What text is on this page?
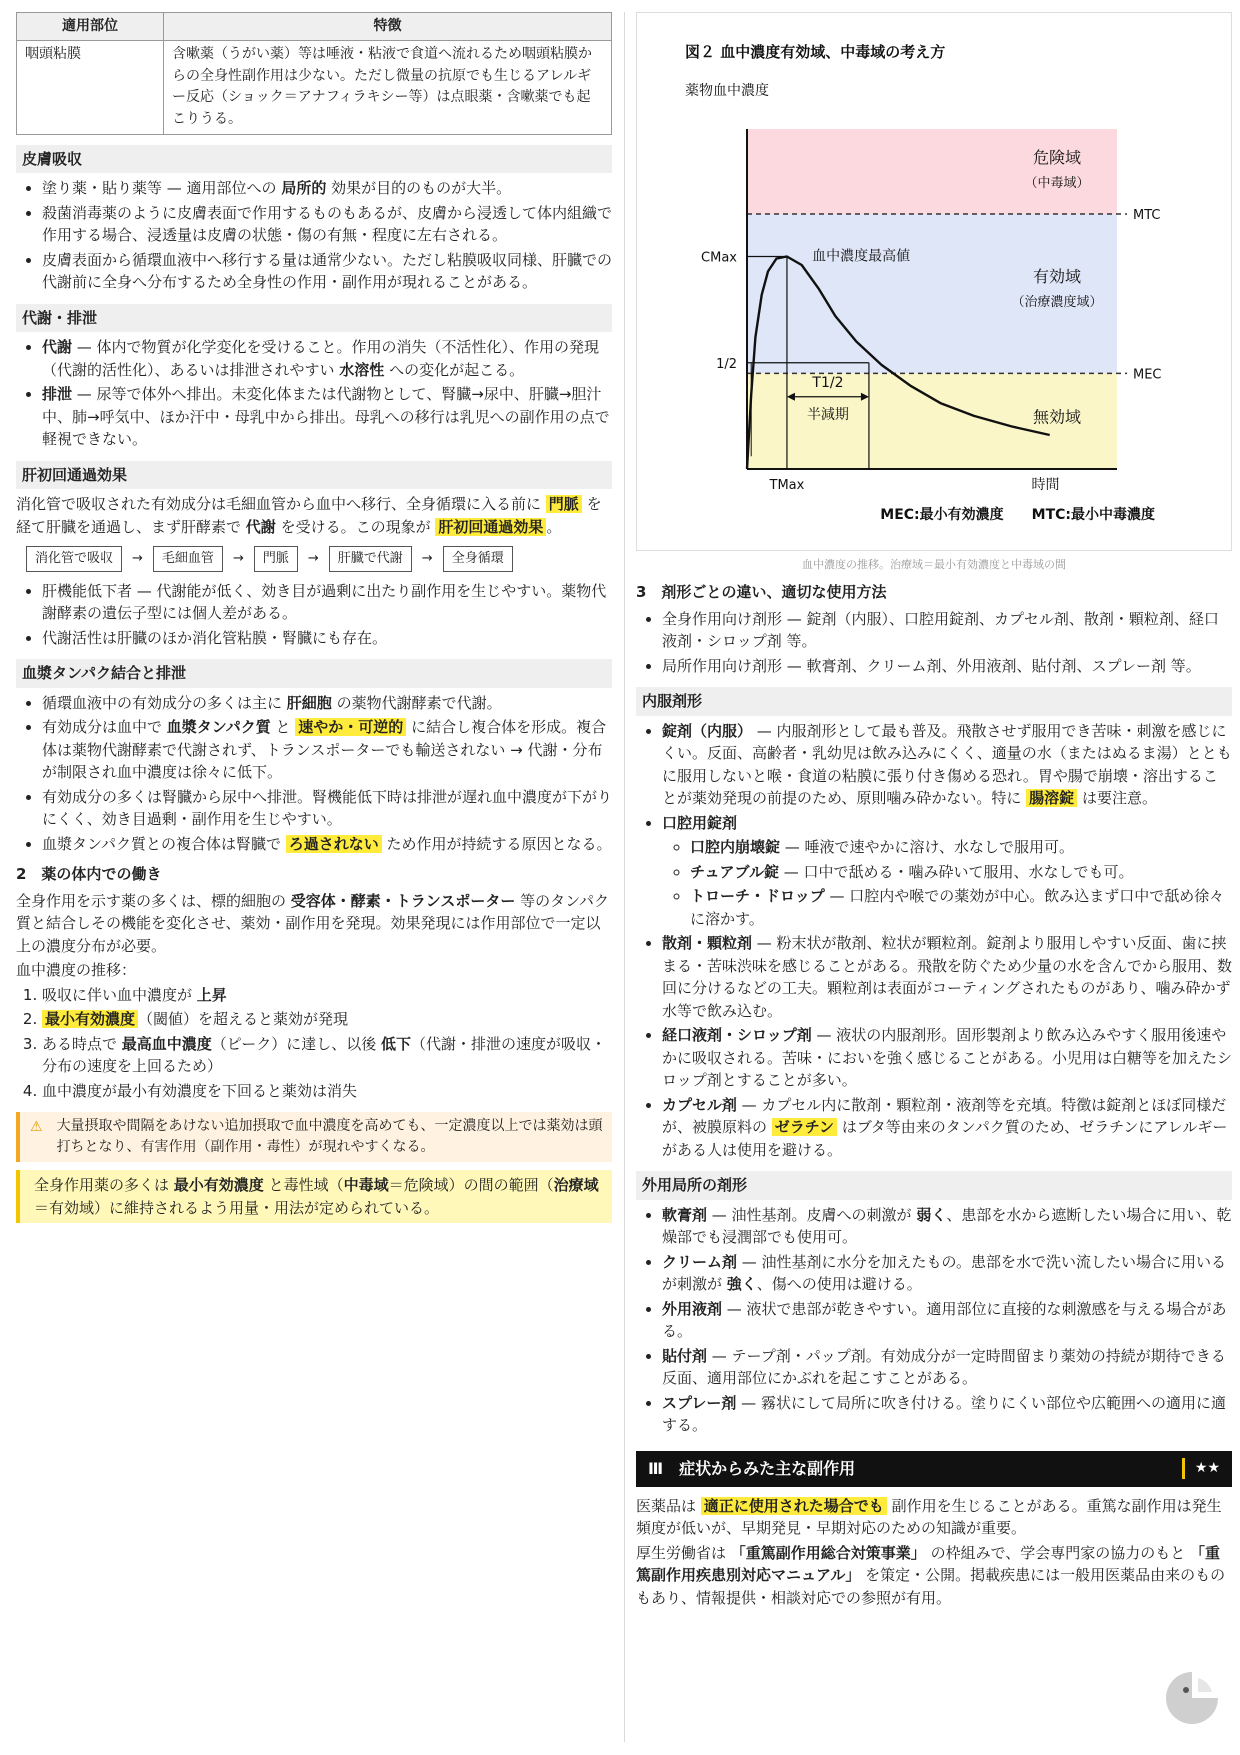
適用部位	特徴
咽頭粘膜	含嗽薬（うがい薬）等は唾液・粘液で食道へ流れるため咽頭粘膜からの全身性副作用は少ない。ただし微量の抗原でも生じるアレルギー反応（ショック＝アナフィラキシー等）は点眼薬・含嗽薬でも起こりうる。
皮膚吸収
• 塗り薬・貼り薬等 — 適用部位への 局所的 効果が目的のものが大半。
• 殺菌消毒薬のように皮膚表面で作用するものもあるが、皮膚から浸透して体内組織で作用する場合、浸透量は皮膚の状態・傷の有無・程度に左右される。
• 皮膚表面から循環血液中へ移行する量は通常少ない。ただし粘膜吸収同様、肝臓での代謝前に全身へ分布するため全身性の作用・副作用が現れることがある。
代謝・排泄
• 代謝 — 体内で物質が化学変化を受けること。作用の消失（不活性化）、作用の発現（代謝的活性化）、あるいは排泄されやすい 水溶性 への変化が起こる。
• 排泄 — 尿等で体外へ排出。未変化体または代謝物として、腎臓→尿中、肝臓→胆汁中、肺→呼気中、ほか汗中・母乳中から排出。母乳への移行は乳児への副作用の点で軽視できない。
肝初回通過効果

消化管で吸収された有効成分は毛細血管から血中へ移行、全身循環に入る前に 門脈 を経て肝臓を通過し、まず肝酵素で 代謝 を受ける。この現象が 肝初回通過効果 。

消化管で吸収	→	毛細血管	→	門脈	→	肝臓で代謝	→	全身循環
• 肝機能低下者 — 代謝能が低く、効き目が過剰に出たり副作用を生じやすい。薬物代謝酵素の遺伝子型には個人差がある。
• 代謝活性は肝臓のほか消化管粘膜・腎臓にも存在。
血漿タンパク結合と排泄
• 循環血液中の有効成分の多くは主に 肝細胞 の薬物代謝酵素で代謝。
• 有効成分は血中で 血漿タンパク質 と 速やか・可逆的 に結合し複合体を形成。複合体は薬物代謝酵素で代謝されず、トランスポーターでも輸送されない → 代謝・分布が制限され血中濃度は徐々に低下。
• 有効成分の多くは腎臓から尿中へ排泄。腎機能低下時は排泄が遅れ血中濃度が下がりにくく、効き目過剰・副作用を生じやすい。
• 血漿タンパク質との複合体は腎臓で ろ過されない ため作用が持続する原因となる。
2　薬の体内での働き

全身作用を示す薬の多くは、標的細胞の 受容体・酵素・トランスポーター 等のタンパク質と結合しその機能を変化させ、薬効・副作用を発現。効果発現には作用部位で一定以上の濃度分布が必要。

血中濃度の推移：

1. 吸収に伴い血中濃度が 上昇
2. 最小有効濃度 （閾値）を超えると薬効が発現
3. ある時点で 最高血中濃度（ピーク）に達し、以後 低下（代謝・排泄の速度が吸収・分布の速度を上回るため）
4. 血中濃度が最小有効濃度を下回ると薬効は消失
⚠ 大量摂取や間隔をあけない追加摂取で血中濃度を高めても、一定濃度以上では薬効は頭打ちとなり、有害作用（副作用・毒性）が現れやすくなる。
全身作用薬の多くは 最小有効濃度 と毒性域（中毒域＝危険域）の間の範囲（治療域＝有効域）に維持されるよう用量・用法が定められている。
図２ 血中濃度有効域、中毒域の考え方
薬物血中濃度
MTC
MEC
危険域
（中毒域）
有効域
（治療濃度域）
無効域
T1/2
半減期
CMax
1/2
TMax	時間
血中濃度最高値
MEC:最小有効濃度　　MTC:最小中毒濃度
血中濃度の推移。治療域＝最小有効濃度と中毒域の間
3　剤形ごとの違い、適切な使用方法
• 全身作用向け剤形 — 錠剤（内服）、口腔用錠剤、カプセル剤、散剤・顆粒剤、経口液剤・シロップ剤 等。
• 局所作用向け剤形 — 軟膏剤、クリーム剤、外用液剤、貼付剤、スプレー剤 等。
内服剤形
• 錠剤（内服） — 内服剤形として最も普及。飛散させず服用でき苦味・刺激を感じにくい。反面、高齢者・乳幼児は飲み込みにくく、適量の水（またはぬるま湯）とともに服用しないと喉・食道の粘膜に張り付き傷める恐れ。胃や腸で崩壊・溶出することが薬効発現の前提のため、原則噛み砕かない。特に 腸溶錠 は要注意。
• 口腔用錠剤
◦ 口腔内崩壊錠 — 唾液で速やかに溶け、水なしで服用可。
◦ チュアブル錠 — 口中で舐める・噛み砕いて服用、水なしでも可。
◦ トローチ・ドロップ — 口腔内や喉での薬効が中心。飲み込まず口中で舐め徐々に溶かす。
• 散剤・顆粒剤 — 粉末状が散剤、粒状が顆粒剤。錠剤より服用しやすい反面、歯に挟まる・苦味渋味を感じることがある。飛散を防ぐため少量の水を含んでから服用、数回に分けるなどの工夫。顆粒剤は表面がコーティングされたものがあり、噛み砕かず水等で飲み込む。
• 経口液剤・シロップ剤 — 液状の内服剤形。固形製剤より飲み込みやすく服用後速やかに吸収される。苦味・においを強く感じることがある。小児用は白糖等を加えたシロップ剤とすることが多い。
• カプセル剤 — カプセル内に散剤・顆粒剤・液剤等を充填。特徴は錠剤とほぼ同様だが、被膜原料の ゼラチン はブタ等由来のタンパク質のため、ゼラチンにアレルギーがある人は使用を避ける。
外用局所の剤形
• 軟膏剤 — 油性基剤。皮膚への刺激が 弱く、患部を水から遮断したい場合に用い、乾燥部でも浸潤部でも使用可。
• クリーム剤 — 油性基剤に水分を加えたもの。患部を水で洗い流したい場合に用いるが刺激が 強く、傷への使用は避ける。
• 外用液剤 — 液状で患部が乾きやすい。適用部位に直接的な刺激感を与える場合がある。
• 貼付剤 — テープ剤・パップ剤。有効成分が一定時間留まり薬効の持続が期待できる反面、適用部位にかぶれを起こすことがある。
• スプレー剤 — 霧状にして局所に吹き付ける。塗りにくい部位や広範囲への適用に適する。
Ⅲ　症状からみた主な副作用	★★

医薬品は 適正に使用された場合でも 副作用を生じることがある。重篤な副作用は発生頻度が低いが、早期発見・早期対応のための知識が重要。

厚生労働省は 「重篤副作用総合対策事業」 の枠組みで、学会専門家の協力のもと 「重篤副作用疾患別対応マニュアル」 を策定・公開。掲載疾患には一般用医薬品由来のものもあり、情報提供・相談対応での参照が有用。
